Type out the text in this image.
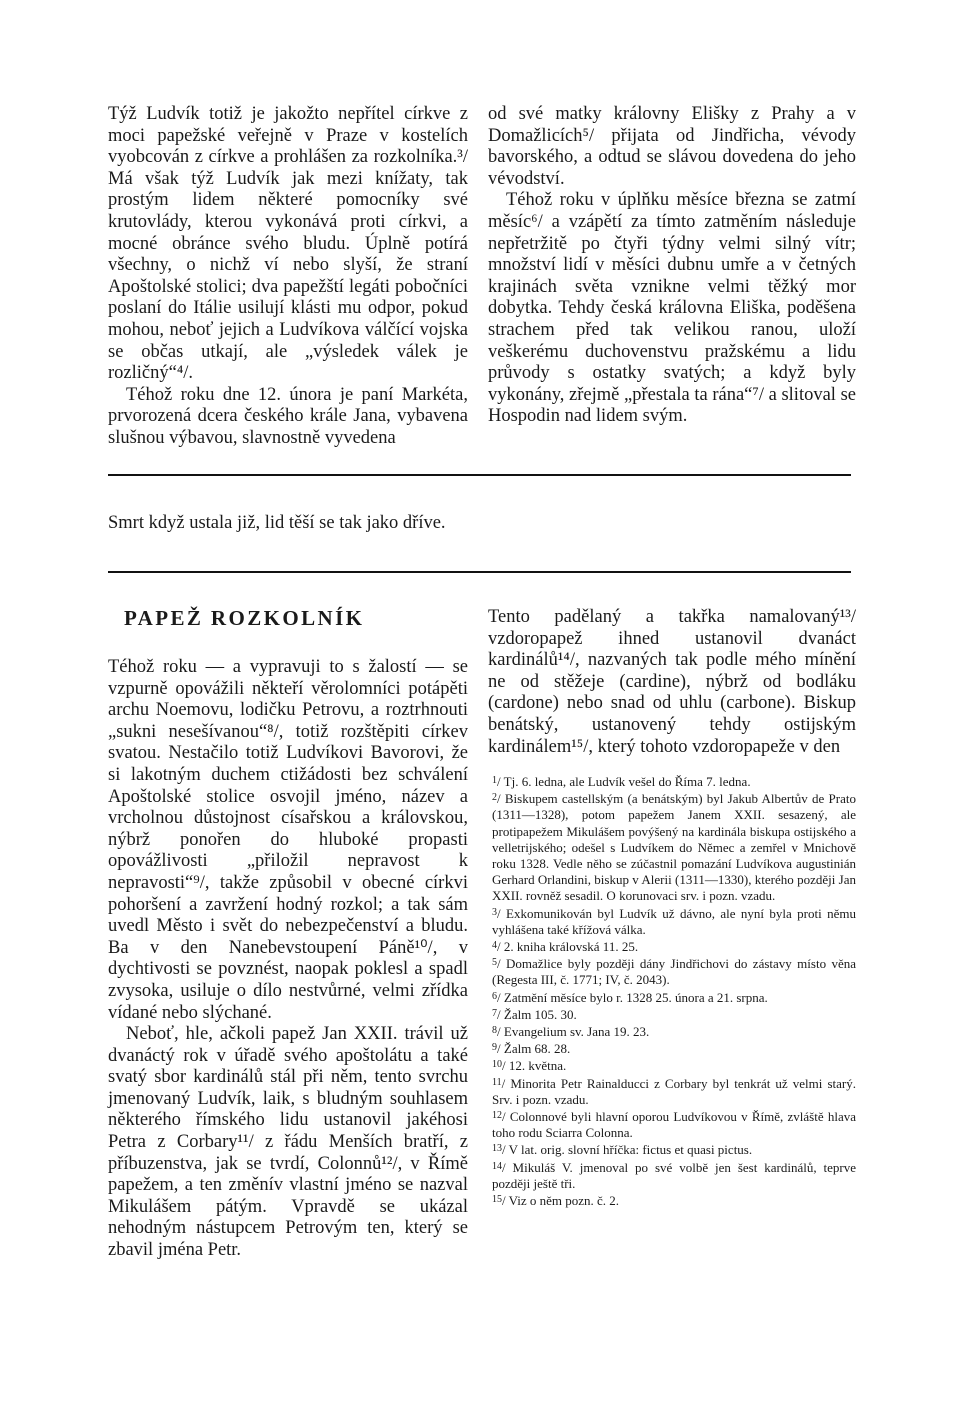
Týž Ludvík totiž je jakožto nepřítel církve z moci papežské veřejně v Praze v kostelích vyobcován z církve a prohlášen za rozkolníka.³/ Má však týž Ludvík jak mezi knížaty, tak prostým lidem některé pomocníky své krutovlády, kterou vykonává proti církvi, a mocné obránce svého bludu. Úplně potírá všechny, o nichž ví nebo slyší, že straní Apoštolské stolici; dva papežští legáti pobočníci poslaní do Itálie usilují klásti mu odpor, pokud mohou, neboť jejich a Ludvíkova válčící vojska se občas utkají, ale „výsledek válek je rozličný“⁴/.

Téhož roku dne 12. února je paní Markéta, prvorozená dcera českého krále Jana, vybavena slušnou výbavou, slavnostně vyvedena

od své matky královny Elišky z Prahy a v Domažlicích⁵/ přijata od Jindřicha, vévody bavorského, a odtud se slávou dovedena do jeho vévodství.

Téhož roku v úplňku měsíce března se zatmí měsíc⁶/ a vzápětí za tímto zatměním následuje nepřetržitě po čtyři týdny velmi silný vítr; množství lidí v měsíci dubnu umře a v četných krajinách světa vznikne velmi těžký mor dobytka. Tehdy česká královna Eliška, poděšena strachem před tak velikou ranou, uloží veškerému duchovenstvu pražskému a lidu průvody s ostatky svatých; a když byly vykonány, zřejmě „přestala ta rána“⁷/ a slitoval se Hospodin nad lidem svým.

Smrt když ustala již, lid těší se tak jako dříve.
PAPEŽ ROZKOLNÍK

Téhož roku — a vypravuji to s žalostí — se vzpurně opovážili někteří věrolomníci potápěti archu Noemovu, lodičku Petrovu, a roztrhnouti „sukni nesešívanou“⁸/, totiž rozštěpiti církev svatou. Nestačilo totiž Ludvíkovi Bavorovi, že si lakotným duchem ctižádosti bez schválení Apoštolské stolice osvojil jméno, název a vrcholnou důstojnost císařskou a královskou, nýbrž ponořen do hluboké propasti opovážlivosti „přiložil nepravost k nepravosti“⁹/, takže způsobil v obecné církvi pohoršení a zavržení hodný rozkol; a tak sám uvedl Město i svět do nebezpečenství a bludu. Ba v den Nanebevstoupení Páně¹⁰/, v dychtivosti se povznést, naopak poklesl a spadl zvysoka, usiluje o dílo nestvůrné, velmi zřídka vídané nebo slýchané.

Neboť, hle, ačkoli papež Jan XXII. trávil už dvanáctý rok v úřadě svého apoštolátu a také svatý sbor kardinálů stál při něm, tento svrchu jmenovaný Ludvík, laik, s bludným souhlasem některého římského lidu ustanovil jakéhosi Petra z Corbary¹¹/ z řádu Menších bratří, z příbuzenstva, jak se tvrdí, Colonnů¹²/, v Římě papežem, a ten změnív vlastní jméno se nazval Mikulášem pátým. Vpravdě se ukázal nehodným nástupcem Petrovým ten, který se zbavil jména Petr.

Tento padělaný a takřka namalovaný¹³/ vzdoropapež ihned ustanovil dvanáct kardinálů¹⁴/, nazvaných tak podle mého mínění ne od stěžeje (cardine), nýbrž od bodláku (cardone) nebo snad od uhlu (carbone). Biskup benátský, ustanovený tehdy ostijským kardinálem¹⁵/, který tohoto vzdoropapeže v den

$^1$/ Tj. 6. ledna, ale Ludvík vešel do Říma 7. ledna.

$^2$/ Biskupem castellským (a benátským) byl Jakub Albertův de Prato (1311—1328), potom papežem Janem XXII. sesazený, ale protipapežem Mikulášem povýšený na kardinála biskupa ostijského a velletrijského; odešel s Ludvíkem do Němec a zemřel v Mnichově roku 1328. Vedle něho se zúčastnil pomazání Ludvíkova augustinián Gerhard Orlandini, biskup v Alerii (1311—1330), kterého později Jan XXII. rovněž sesadil. O korunovaci srv. i pozn. vzadu.

$^3$/ Exkomunikován byl Ludvík už dávno, ale nyní byla proti němu vyhlášena také křížová válka.

$^4$/ 2. kniha královská 11. 25.

$^5$/ Domažlice byly později dány Jindřichovi do zástavy místo věna (Regesta III, č. 1771; IV, č. 2043).

$^6$/ Zatmění měsíce bylo r. 1328 25. února a 21. srpna.

$^7$/ Žalm 105. 30.

$^8$/ Evangelium sv. Jana 19. 23.

$^9$/ Žalm 68. 28.

$^{10}$/ 12. května.

$^{11}$/ Minorita Petr Rainalducci z Corbary byl tenkrát už velmi starý. Srv. i pozn. vzadu.

$^{12}$/ Colonnové byli hlavní oporou Ludvíkovou v Římě, zvláště hlava toho rodu Sciarra Colonna.

$^{13}$/ V lat. orig. slovní hříčka: fictus et quasi pictus.

$^{14}$/ Mikuláš V. jmenoval po své volbě jen šest kardinálů, teprve později ještě tři.

$^{15}$/ Viz o něm pozn. č. 2.
